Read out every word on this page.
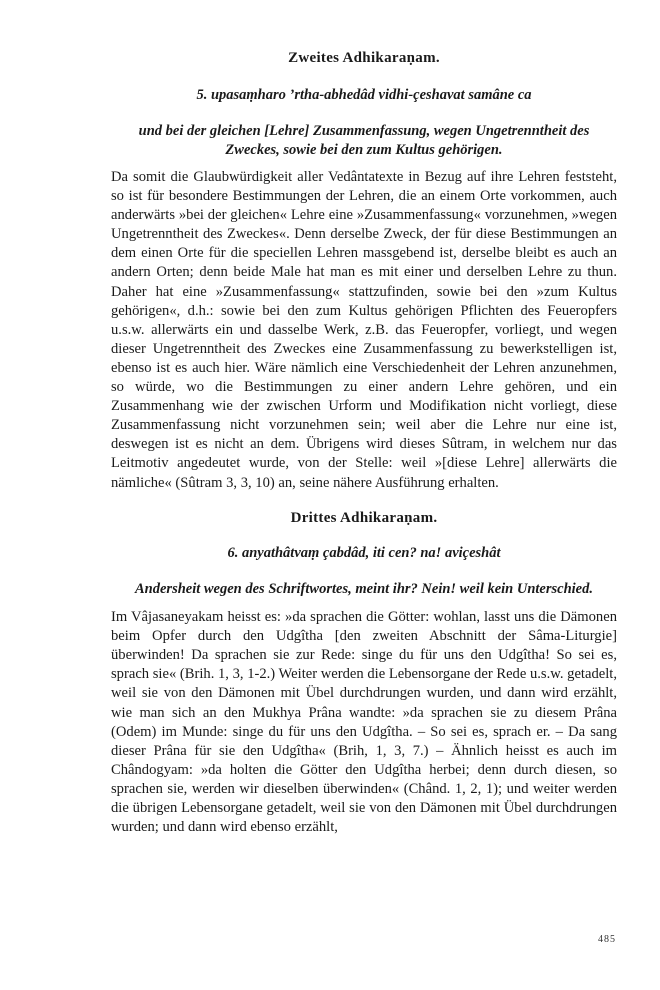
Zweites Adhikaraṇam.

5. upasaṃharo ’rtha-abhedâd vidhi-çeshavat samâne ca

und bei der gleichen [Lehre] Zusammenfassung, wegen Ungetrenntheit des Zweckes, sowie bei den zum Kultus gehörigen.

Da somit die Glaubwürdigkeit aller Vedântatexte in Bezug auf ihre Lehren feststeht, so ist für besondere Bestimmungen der Lehren, die an einem Orte vorkommen, auch anderwärts »bei der gleichen« Lehre eine »Zusammenfassung« vorzunehmen, »wegen Ungetrenntheit des Zweckes«. Denn derselbe Zweck, der für diese Bestimmungen an dem einen Orte für die speciellen Lehren massgebend ist, derselbe bleibt es auch an andern Orten; denn beide Male hat man es mit einer und derselben Lehre zu thun. Daher hat eine »Zusammenfassung« stattzufinden, sowie bei den »zum Kultus gehörigen«, d.h.: sowie bei den zum Kultus gehörigen Pflichten des Feueropfers u.s.w. allerwärts ein und dasselbe Werk, z.B. das Feueropfer, vorliegt, und wegen dieser Ungetrenntheit des Zweckes eine Zusammenfassung zu bewerkstelligen ist, ebenso ist es auch hier. Wäre nämlich eine Verschiedenheit der Lehren anzunehmen, so würde, wo die Bestimmungen zu einer andern Lehre gehören, und ein Zusammenhang wie der zwischen Urform und Modifikation nicht vorliegt, diese Zusammenfassung nicht vorzunehmen sein; weil aber die Lehre nur eine ist, deswegen ist es nicht an dem. Übrigens wird dieses Sûtram, in welchem nur das Leitmotiv angedeutet wurde, von der Stelle: weil »[diese Lehre] allerwärts die nämliche« (Sûtram 3, 3, 10) an, seine nähere Ausführung erhalten.

Drittes Adhikaraṇam.

6. anyathâtvaṃ çabdâd, iti cen? na! aviçeshât

Andersheit wegen des Schriftwortes, meint ihr? Nein! weil kein Unterschied.

Im Vâjasaneyakam heisst es: »da sprachen die Götter: wohlan, lasst uns die Dämonen beim Opfer durch den Udgîtha [den zweiten Abschnitt der Sâma-Liturgie] überwinden! Da sprachen sie zur Rede: singe du für uns den Udgîtha! So sei es, sprach sie« (Brih. 1, 3, 1-2.) Weiter werden die Lebensorgane der Rede u.s.w. getadelt, weil sie von den Dämonen mit Übel durchdrungen wurden, und dann wird erzählt, wie man sich an den Mukhya Prâna wandte: »da sprachen sie zu diesem Prâna (Odem) im Munde: singe du für uns den Udgîtha. – So sei es, sprach er. – Da sang dieser Prâna für sie den Udgîtha« (Brih, 1, 3, 7.) – Ähnlich heisst es auch im Chândogyam: »da holten die Götter den Udgîtha herbei; denn durch diesen, so sprachen sie, werden wir dieselben überwinden« (Chând. 1, 2, 1); und weiter werden die übrigen Lebensorgane getadelt, weil sie von den Dämonen mit Übel durchdrungen wurden; und dann wird ebenso erzählt,

485
